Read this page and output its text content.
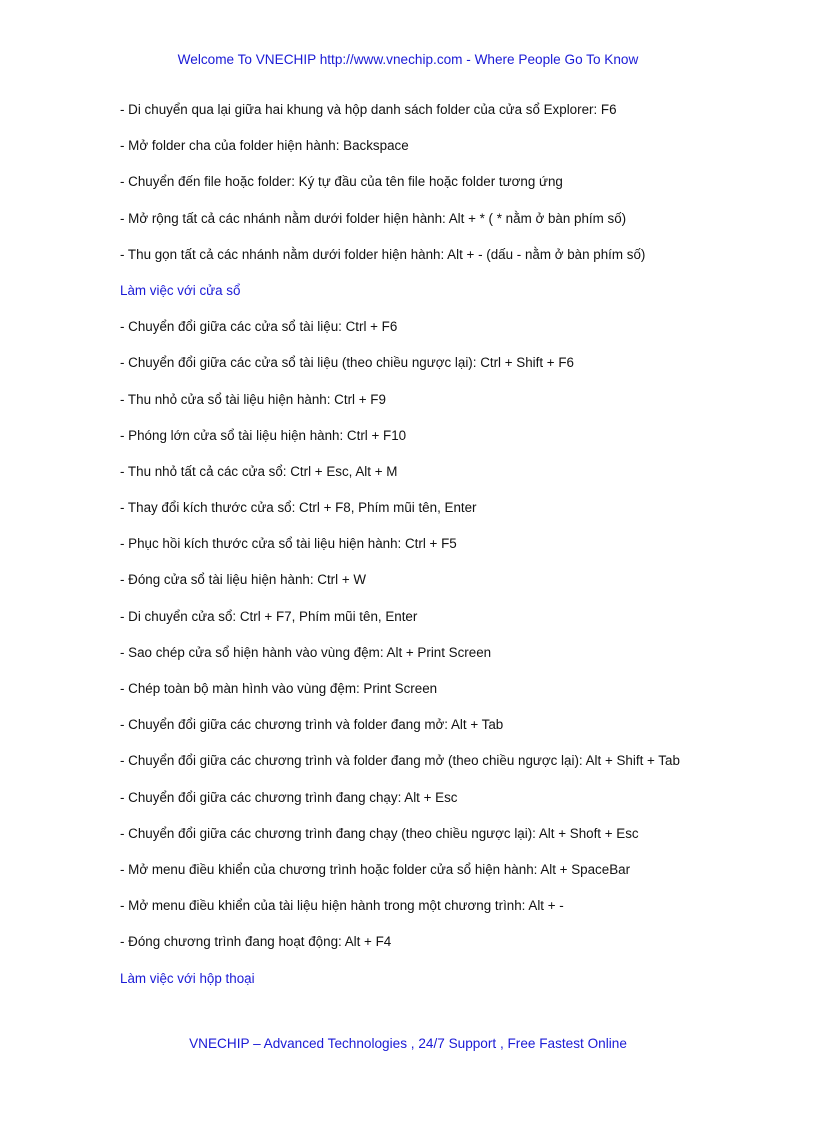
Welcome To VNECHIP http://www.vnechip.com - Where People Go To Know
- Di chuyển qua lại giữa hai khung và hộp danh sách folder của cửa sổ Explorer: F6
- Mở folder cha của folder hiện hành: Backspace
- Chuyển đến file hoặc folder: Ký tự đầu của tên file hoặc folder tương ứng
- Mở rộng tất cả các nhánh nằm dưới folder hiện hành: Alt + * ( * nằm ở bàn phím số)
- Thu gọn tất cả các nhánh nằm dưới folder hiện hành: Alt + - (dấu - nằm ở bàn phím số)
Làm việc với cửa sổ
- Chuyển đổi giữa các cửa sổ tài liệu: Ctrl + F6
- Chuyển đổi giữa các cửa sổ tài liệu (theo chiều ngược lại): Ctrl + Shift + F6
- Thu nhỏ cửa sổ tài liệu hiện hành: Ctrl + F9
- Phóng lớn cửa sổ tài liệu hiện hành: Ctrl + F10
- Thu nhỏ tất cả các cửa sổ: Ctrl + Esc, Alt + M
- Thay đổi kích thước cửa sổ: Ctrl + F8, Phím mũi tên, Enter
- Phục hồi kích thước cửa sổ tài liệu hiện hành: Ctrl + F5
- Đóng cửa sổ tài liệu hiện hành: Ctrl + W
- Di chuyển cửa sổ: Ctrl + F7, Phím mũi tên, Enter
- Sao chép cửa sổ hiện hành vào vùng đệm: Alt + Print Screen
- Chép toàn bộ màn hình vào vùng đệm: Print Screen
- Chuyển đổi giữa các chương trình và folder đang mở: Alt + Tab
- Chuyển đổi giữa các chương trình và folder đang mở (theo chiều ngược lại): Alt + Shift + Tab
- Chuyển đổi giữa các chương trình đang chạy: Alt + Esc
- Chuyển đổi giữa các chương trình đang chạy (theo chiều ngược lại): Alt + Shoft + Esc
- Mở menu điều khiển của chương trình hoặc folder cửa sổ hiện hành: Alt + SpaceBar
- Mở menu điều khiển của tài liệu hiện hành trong một chương trình: Alt + -
- Đóng chương trình đang hoạt động: Alt + F4
Làm việc với hộp thoại
VNECHIP – Advanced Technologies , 24/7 Support , Free Fastest Online
